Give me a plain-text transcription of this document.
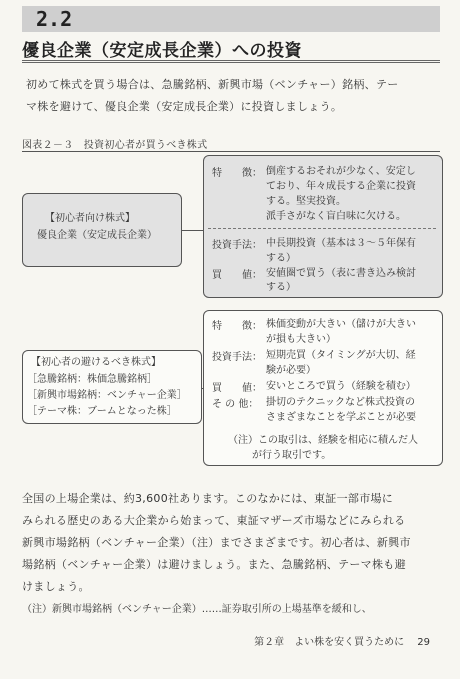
2.2
優良企業（安定成長企業）への投資
初めて株式を買う場合は、急騰銘柄、新興市場（ベンチャー）銘柄、テー
マ株を避けて、優良企業（安定成長企業）に投資しましょう。
図表２－３　投資初心者が買うべき株式
【初心者向け株式】
優良企業（安定成長企業）
特　　徴： 倒産するおそれが少なく、安定し
ており、年々成長する企業に投資
する。堅実投資。
派手さがなく盲白味に欠ける。
投資手法： 中長期投資（基本は３～５年保有
する）
買　　値： 安値圏で買う（表に書き込み検討
する）
【初心者の避けるべき株式】
［急騰銘柄：株価急騰銘柄］
［新興市場銘柄：ベンチャー企業］
［テーマ株：ブームとなった株］
特　　徴： 株価変動が大きい（儲けが大きい
が損も大きい）
投資手法： 短期売買（タイミングが大切、経
験が必要）
買　　値： 安いところで買う（経験を積む）
そ の 他： 掛切のテクニックなど株式投資の
さまざまなことを学ぶことが必要
（注）この取引は、経験を相応に積んだ人
が行う取引です。
全国の上場企業は、約3,600社あります。このなかには、東証一部市場に
みられる歴史のある大企業から始まって、東証マザーズ市場などにみられる
新興市場銘柄（ベンチャー企業）（注）までさまざまです。初心者は、新興市
場銘柄（ベンチャー企業）は避けましょう。また、急騰銘柄、テーマ株も避
けましょう。
（注）新興市場銘柄（ベンチャー企業）……証券取引所の上場基準を緩和し、
第２章　よい株を安く買うために 29
